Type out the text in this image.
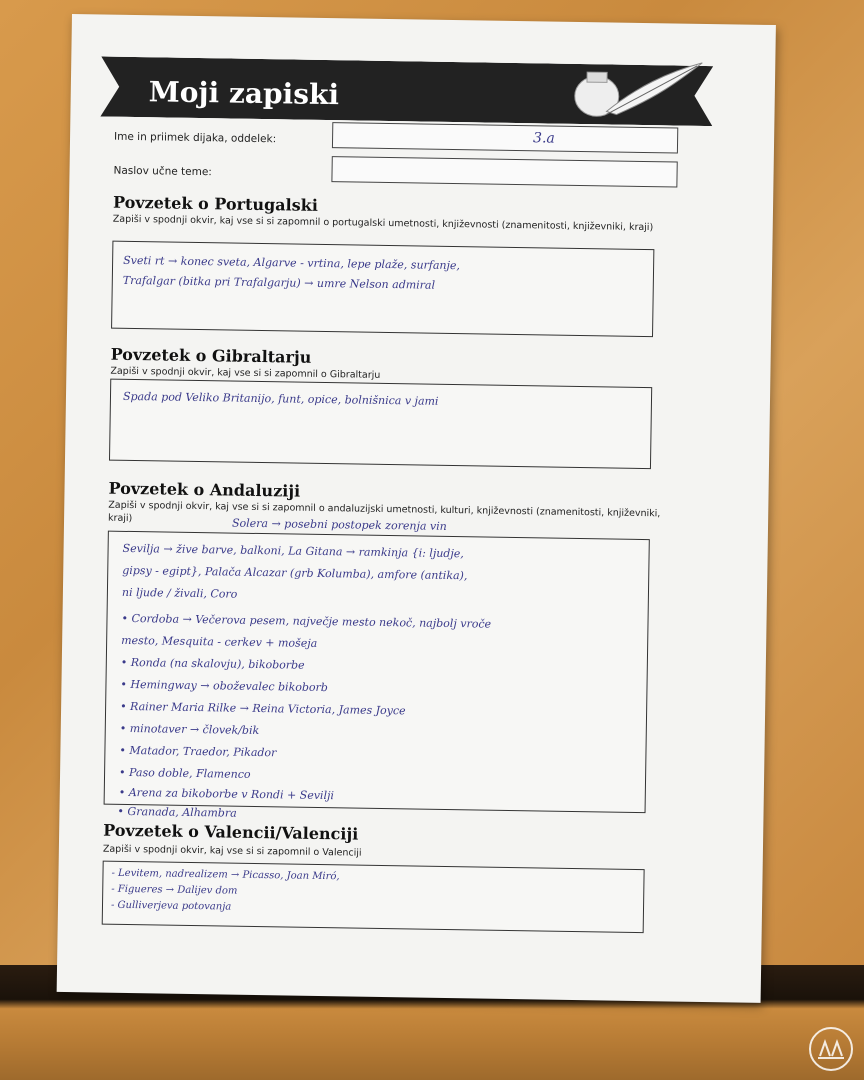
Moji zapiski
Ime in priimek dijaka, oddelek:	3.a
Naslov učne teme:
Povzetek o Portugalski
Zapiši v spodnji okvir, kaj vse si si zapomnil o portugalski umetnosti, književnosti (znamenitosti, književniki, kraji)
Sveti rt → konec sveta, Algarve - vrtina, lepe plaže, surfanje,
Trafalgar (bitka pri Trafalgarju) → umre Nelson admiral
Povzetek o Gibraltarju
Zapiši v spodnji okvir, kaj vse si si zapomnil o Gibraltarju
Spada pod Veliko Britanijo, funt, opice, bolnišnica v jami
Povzetek o Andaluziji
Zapiši v spodnji okvir, kaj vse si si zapomnil o andaluzijski umetnosti, kulturi, književnosti (znamenitosti, književniki, kraji)	Solera → posebni postopek zorenja vin
Sevilja → žive barve, balkoni, La Gitana → ramkinja {i: ljudje,
gipsy - egipt}, Palača Alcazar (grb Kolumba), amfore (antika),
ni ljude / živali, Coro
• Cordoba → Večerova pesem, največje mesto nekoč, najbolj vroče
mesto, Mesquita - cerkev + mošeja
• Ronda (na skalovju), bikoborbe
• Hemingway → oboževalec bikoborb
• Rainer Maria Rilke → Reina Victoria, James Joyce
• minotaver → človek/bik
• Matador, Traedor, Pikador
• Paso doble, Flamenco
• Arena za bikoborbe v Rondi + Sevilji
• Granada, Alhambra
Povzetek o Valencii/Valenciji
Zapiši v spodnji okvir, kaj vse si si zapomnil o Valenciji
- Levitem, nadrealizem → Picasso, Joan Miró,
- Figueres → Dalijev dom
- Gulliverjeva potovanja
